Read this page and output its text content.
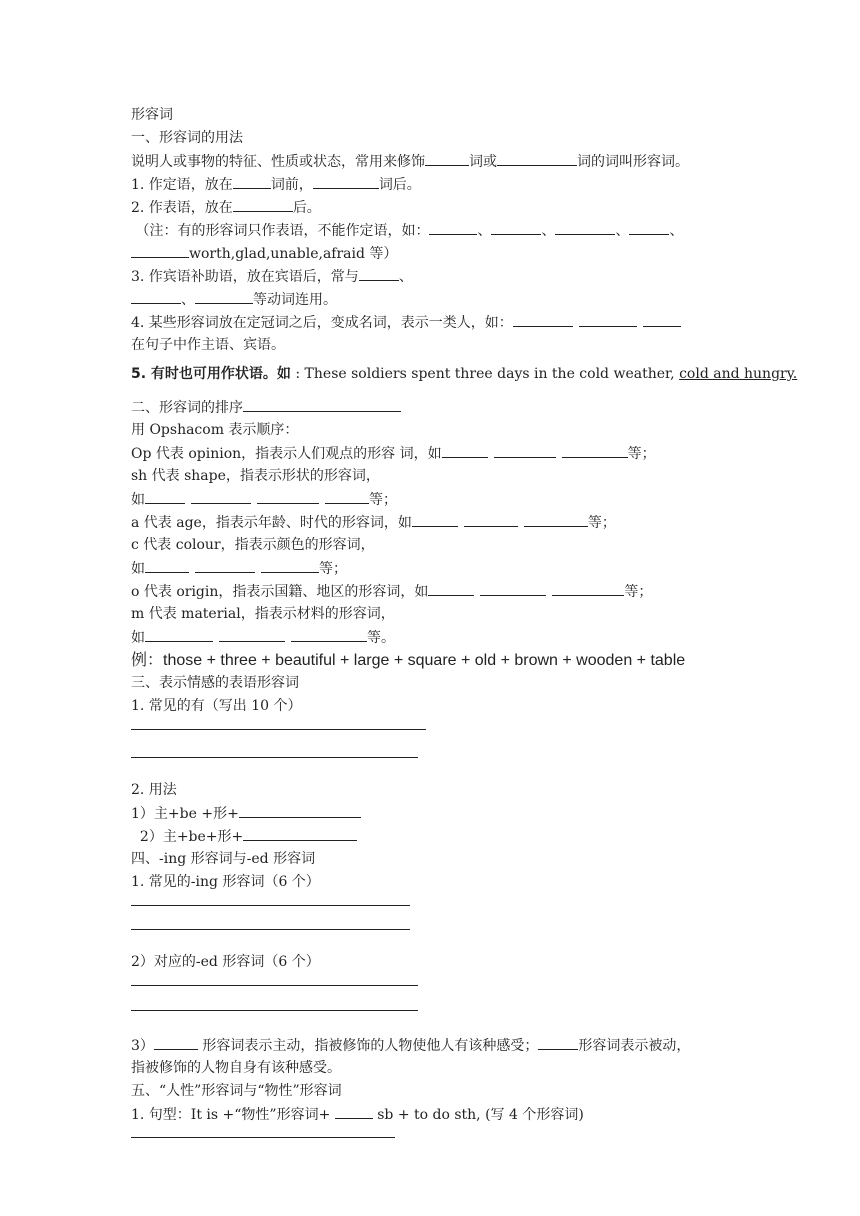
形容词
一、形容词的用法
说明人或事物的特征、性质或状态，常用来修饰	词或	词的词叫形容词。
1. 作定语，放在	词前，	词后。
2. 作表语，放在	后。
（注：有的形容词只作表语，不能作定语，如：	、	、	、	、
worth,glad,unable,afraid 等）
3. 作宾语补助语，放在宾语后，常与	、
、	等动词连用。
4. 某些形容词放在定冠词之后，变成名词，表示一类人，如：
在句子中作主语、宾语。
5. 有时也可用作状语。如 : These soldiers spent three days in the cold weather, cold and hungry.
二、形容词的排序
用 Opshacom 表示顺序：
Op 代表 opinion，指表示人们观点的形容 词，如	等；
sh 代表 shape，指表示形状的形容词，
如	等；
a 代表 age，指表示年龄、时代的形容词，如	等；
c 代表 colour，指表示颜色的形容词，
如	等；
o 代表 origin，指表示国籍、地区的形容词，如	等；
m 代表 material，指表示材料的形容词，
如	等。
例：those + three + beautiful + large + square + old + brown + wooden + table
三、表示情感的表语形容词
1. 常见的有（写出 10 个）
2. 用法
1）主+be +形+
2）主+be+形+
四、-ing 形容词与-ed 形容词
1. 常见的-ing 形容词（6 个）
2）对应的-ed 形容词（6 个）
3）	形容词表示主动，指被修饰的人物使他人有该种感受；	形容词表示被动，
指被修饰的人物自身有该种感受。
五、“人性”形容词与“物性”形容词
1. 句型：It is +“物性”形容词+	sb + to do sth, (写 4 个形容词)
